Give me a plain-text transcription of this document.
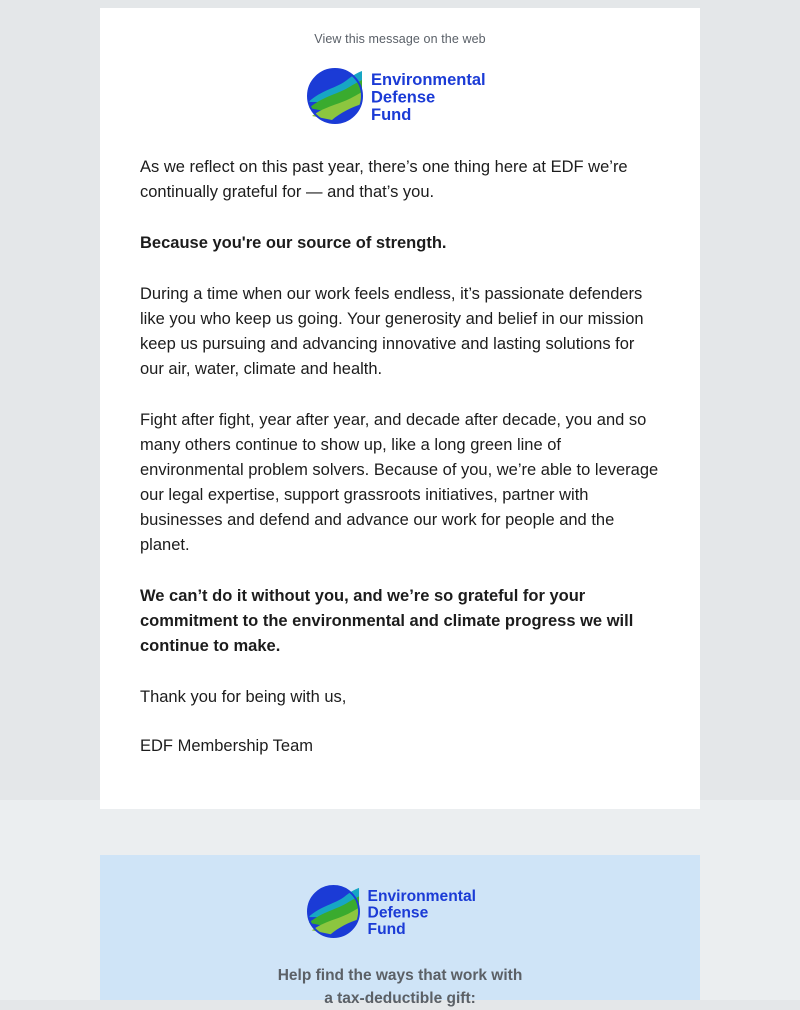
View this message on the web
Environmental
Defense
Fund

As we reflect on this past year, there’s one thing here at EDF we’re continually grateful for — and that’s you.

Because you're our source of strength.

During a time when our work feels endless, it’s passionate defenders like you who keep us going. Your generosity and belief in our mission keep us pursuing and advancing innovative and lasting solutions for our air, water, climate and health.

Fight after fight, year after year, and decade after decade, you and so many others continue to show up, like a long green line of environmental problem solvers. Because of you, we’re able to leverage our legal expertise, support grassroots initiatives, partner with businesses and defend and advance our work for people and the planet.

We can’t do it without you, and we’re so grateful for your commitment to the environmental and climate progress we will continue to make.

Thank you for being with us,

EDF Membership Team

Environmental
Defense
Fund
Help find the ways that work with
a tax-deductible gift:
